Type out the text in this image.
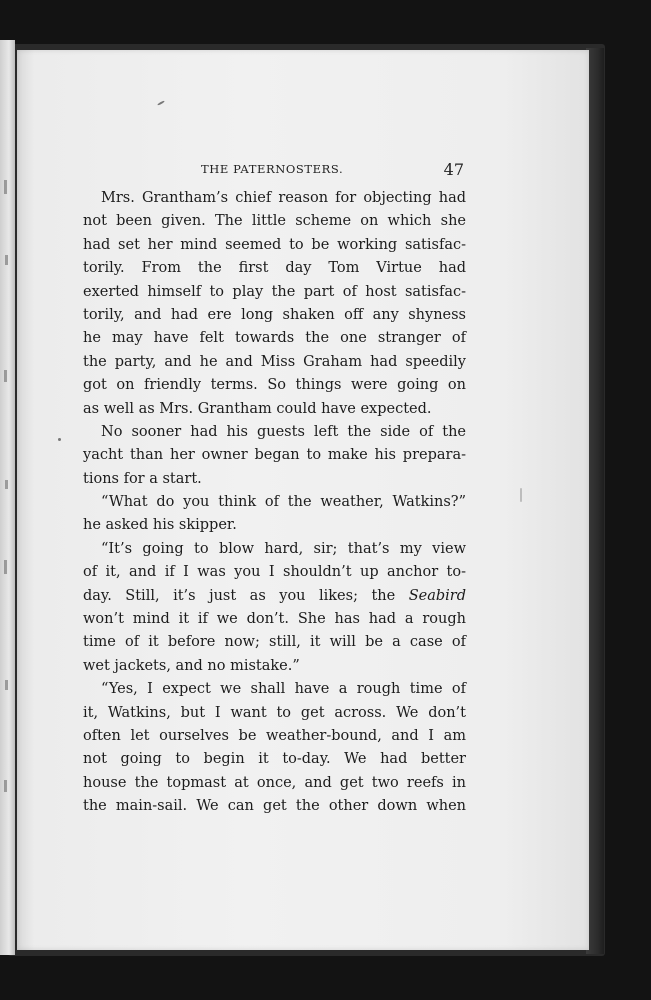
THE PATERNOSTERS.	47
Mrs. Grantham’s chief reason for objecting had
not been given. The little scheme on which she
had set her mind seemed to be working satisfac-
torily. From the first day Tom Virtue had
exerted himself to play the part of host satisfac-
torily, and had ere long shaken off any shyness
he may have felt towards the one stranger of
the party, and he and Miss Graham had speedily
got on friendly terms. So things were going on
as well as Mrs. Grantham could have expected.
No sooner had his guests left the side of the
yacht than her owner began to make his prepara-
tions for a start.
“What do you think of the weather, Watkins?”
he asked his skipper.
“It’s going to blow hard, sir; that’s my view
of it, and if I was you I shouldn’t up anchor to-
day. Still, it’s just as you likes; the Seabird
won’t mind it if we don’t. She has had a rough
time of it before now; still, it will be a case of
wet jackets, and no mistake.”
“Yes, I expect we shall have a rough time of
it, Watkins, but I want to get across. We don’t
often let ourselves be weather-bound, and I am
not going to begin it to-day. We had better
house the topmast at once, and get two reefs in
the main-sail. We can get the other down when
